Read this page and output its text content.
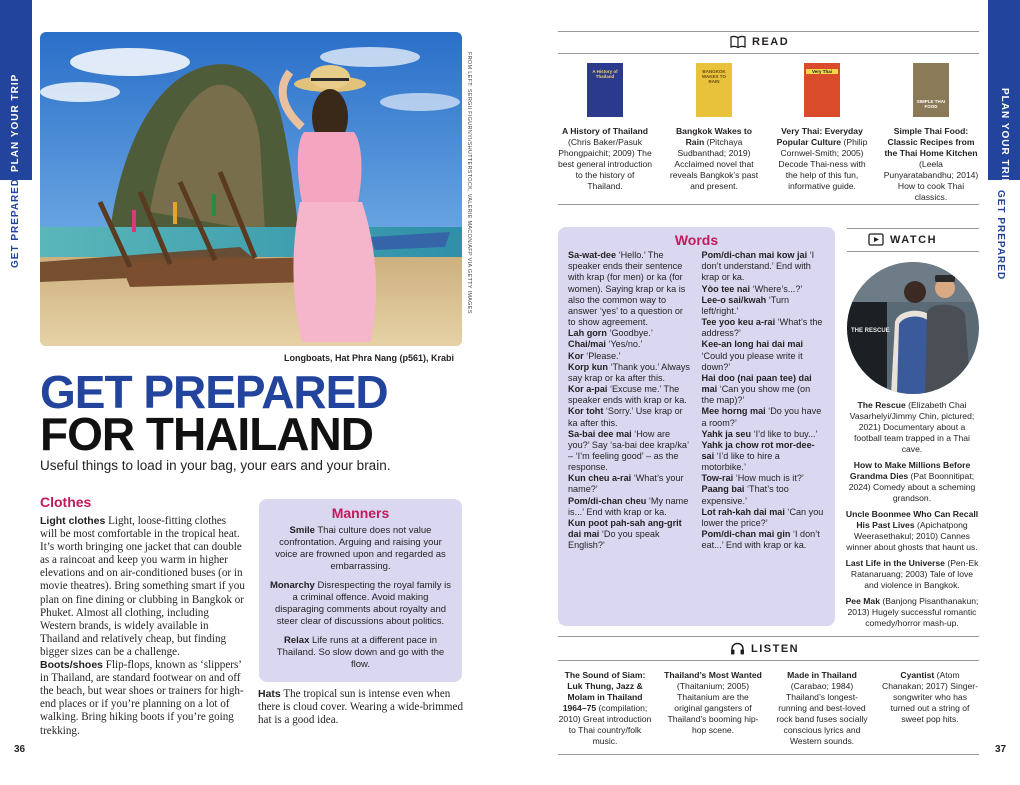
PLAN YOUR TRIP
GET PREPARED
36
PLAN YOUR TRIP
GET PREPARED
37
FROM LEFT: SERGII FIGURNYI/SHUTTERSTOCK, VALERIE MACON/AFP VIA GETTY IMAGES
Longboats, Hat Phra Nang (p561), Krabi
GET PREPARED
FOR THAILAND
Useful things to load in your bag, your ears and your brain.
Clothes
Light clothes Light, loose-fitting clothes will be most comfortable in the tropical heat. It’s worth bringing one jacket that can double as a raincoat and keep you warm in higher elevations and on air-conditioned buses (or in movie theatres). Bring something smart if you plan on fine dining or clubbing in Bangkok or Phuket. Almost all clothing, including Western brands, is widely available in Thailand and relatively cheap, but finding bigger sizes can be a challenge.
Boots/shoes Flip-flops, known as ‘slippers’ in Thailand, are standard footwear on and off the beach, but wear shoes or trainers for high-end places or if you’re planning on a lot of walking. Bring hiking boots if you’re going trekking.
Manners

Smile Thai culture does not value confrontation. Arguing and raising your voice are frowned upon and regarded as embarrassing.

Monarchy Disrespecting the royal family is a criminal offence. Avoid making disparaging comments about royalty and steer clear of discussions about politics.

Relax Life runs at a different pace in Thailand. So slow down and go with the flow.

Hats The tropical sun is intense even when there is cloud cover. Wearing a wide-brimmed hat is a good idea.
READ
A History of Thailand
A History of Thailand (Chris Baker/Pasuk Phongpaichit; 2009) The best general introduction to the history of Thailand.
BANGKOK WAKES TO RAIN
Bangkok Wakes to Rain (Pitchaya Sudbanthad; 2019) Acclaimed novel that reveals Bangkok’s past and present.
Very Thai
Very Thai: Everyday Popular Culture (Philip Cornwel-Smith; 2005) Decode Thai-ness with the help of this fun, informative guide.
SIMPLE THAI FOOD
Simple Thai Food: Classic Recipes from the Thai Home Kitchen (Leela Punyaratabandhu; 2014) How to cook Thai classics.
Words

Sa-wat-dee ‘Hello.’ The speaker ends their sentence with krap (for men) or ka (for women). Saying krap or ka is also the common way to answer ‘yes’ to a question or to show agreement.

Lah gorn ‘Goodbye.’

Chai/mai ‘Yes/no.’

Kor ‘Please.’

Korp kun ‘Thank you.’ Always say krap or ka after this.

Kor a-pai ‘Excuse me.’ The speaker ends with krap or ka.

Kor toht ‘Sorry.’ Use krap or ka after this.

Sa-bai dee mai ‘How are you?’ Say ‘sa-bai dee krap/ka’ – ‘I’m feeling good’ – as the response.

Kun cheu a-rai ‘What’s your name?’

Pom/di-chan cheu ‘My name is...’ End with krap or ka.

Kun poot pah-sah ang-grit dai mai ‘Do you speak English?’

Pom/di-chan mai kow jai ‘I don’t understand.’ End with krap or ka.

Yòo tee nai ‘Where’s...?’

Lee-o sai/kwah ‘Turn left/right.’

Tee yoo keu a-rai ‘What’s the address?’

Kee-an long hai dai mai ‘Could you please write it down?’

Hai doo (nai paan tee) dai mai ‘Can you show me (on the map)?’

Mee horng mai ‘Do you have a room?’

Yahk ja seu ‘I’d like to buy...’

Yahk ja chow rot mor-dee-sai ‘I’d like to hire a motorbike.’

Tow-rai ‘How much is it?’

Paang bai ‘That’s too expensive.’

Lot rah-kah dai mai ‘Can you lower the price?’

Pom/di-chan mai gin ‘I don’t eat...’ End with krap or ka.

WATCH
THE RESCUE
The Rescue (Elizabeth Chai Vasarhelyi/Jimmy Chin, pictured; 2021) Documentary about a football team trapped in a Thai cave.
How to Make Millions Before Grandma Dies (Pat Boonnitipat; 2024) Comedy about a scheming grandson.
Uncle Boonmee Who Can Recall His Past Lives (Apichatpong Weerasethakul; 2010) Cannes winner about ghosts that haunt us.
Last Life in the Universe (Pen-Ek Ratanaruang; 2003) Tale of love and violence in Bangkok.
Pee Mak (Banjong Pisanthanakun; 2013) Hugely successful romantic comedy/horror mash-up.
LISTEN
The Sound of Siam: Luk Thung, Jazz & Molam in Thailand 1964–75 (compilation; 2010) Great introduction to Thai country/folk music.
Thailand’s Most Wanted (Thaitanium; 2005) Thaitanium are the original gangsters of Thailand’s booming hip-hop scene.
Made in Thailand (Carabao; 1984) Thailand’s longest-running and best-loved rock band fuses socially conscious lyrics and Western sounds.
Cyantist (Atom Chanakan; 2017) Singer-songwriter who has turned out a string of sweet pop hits.
